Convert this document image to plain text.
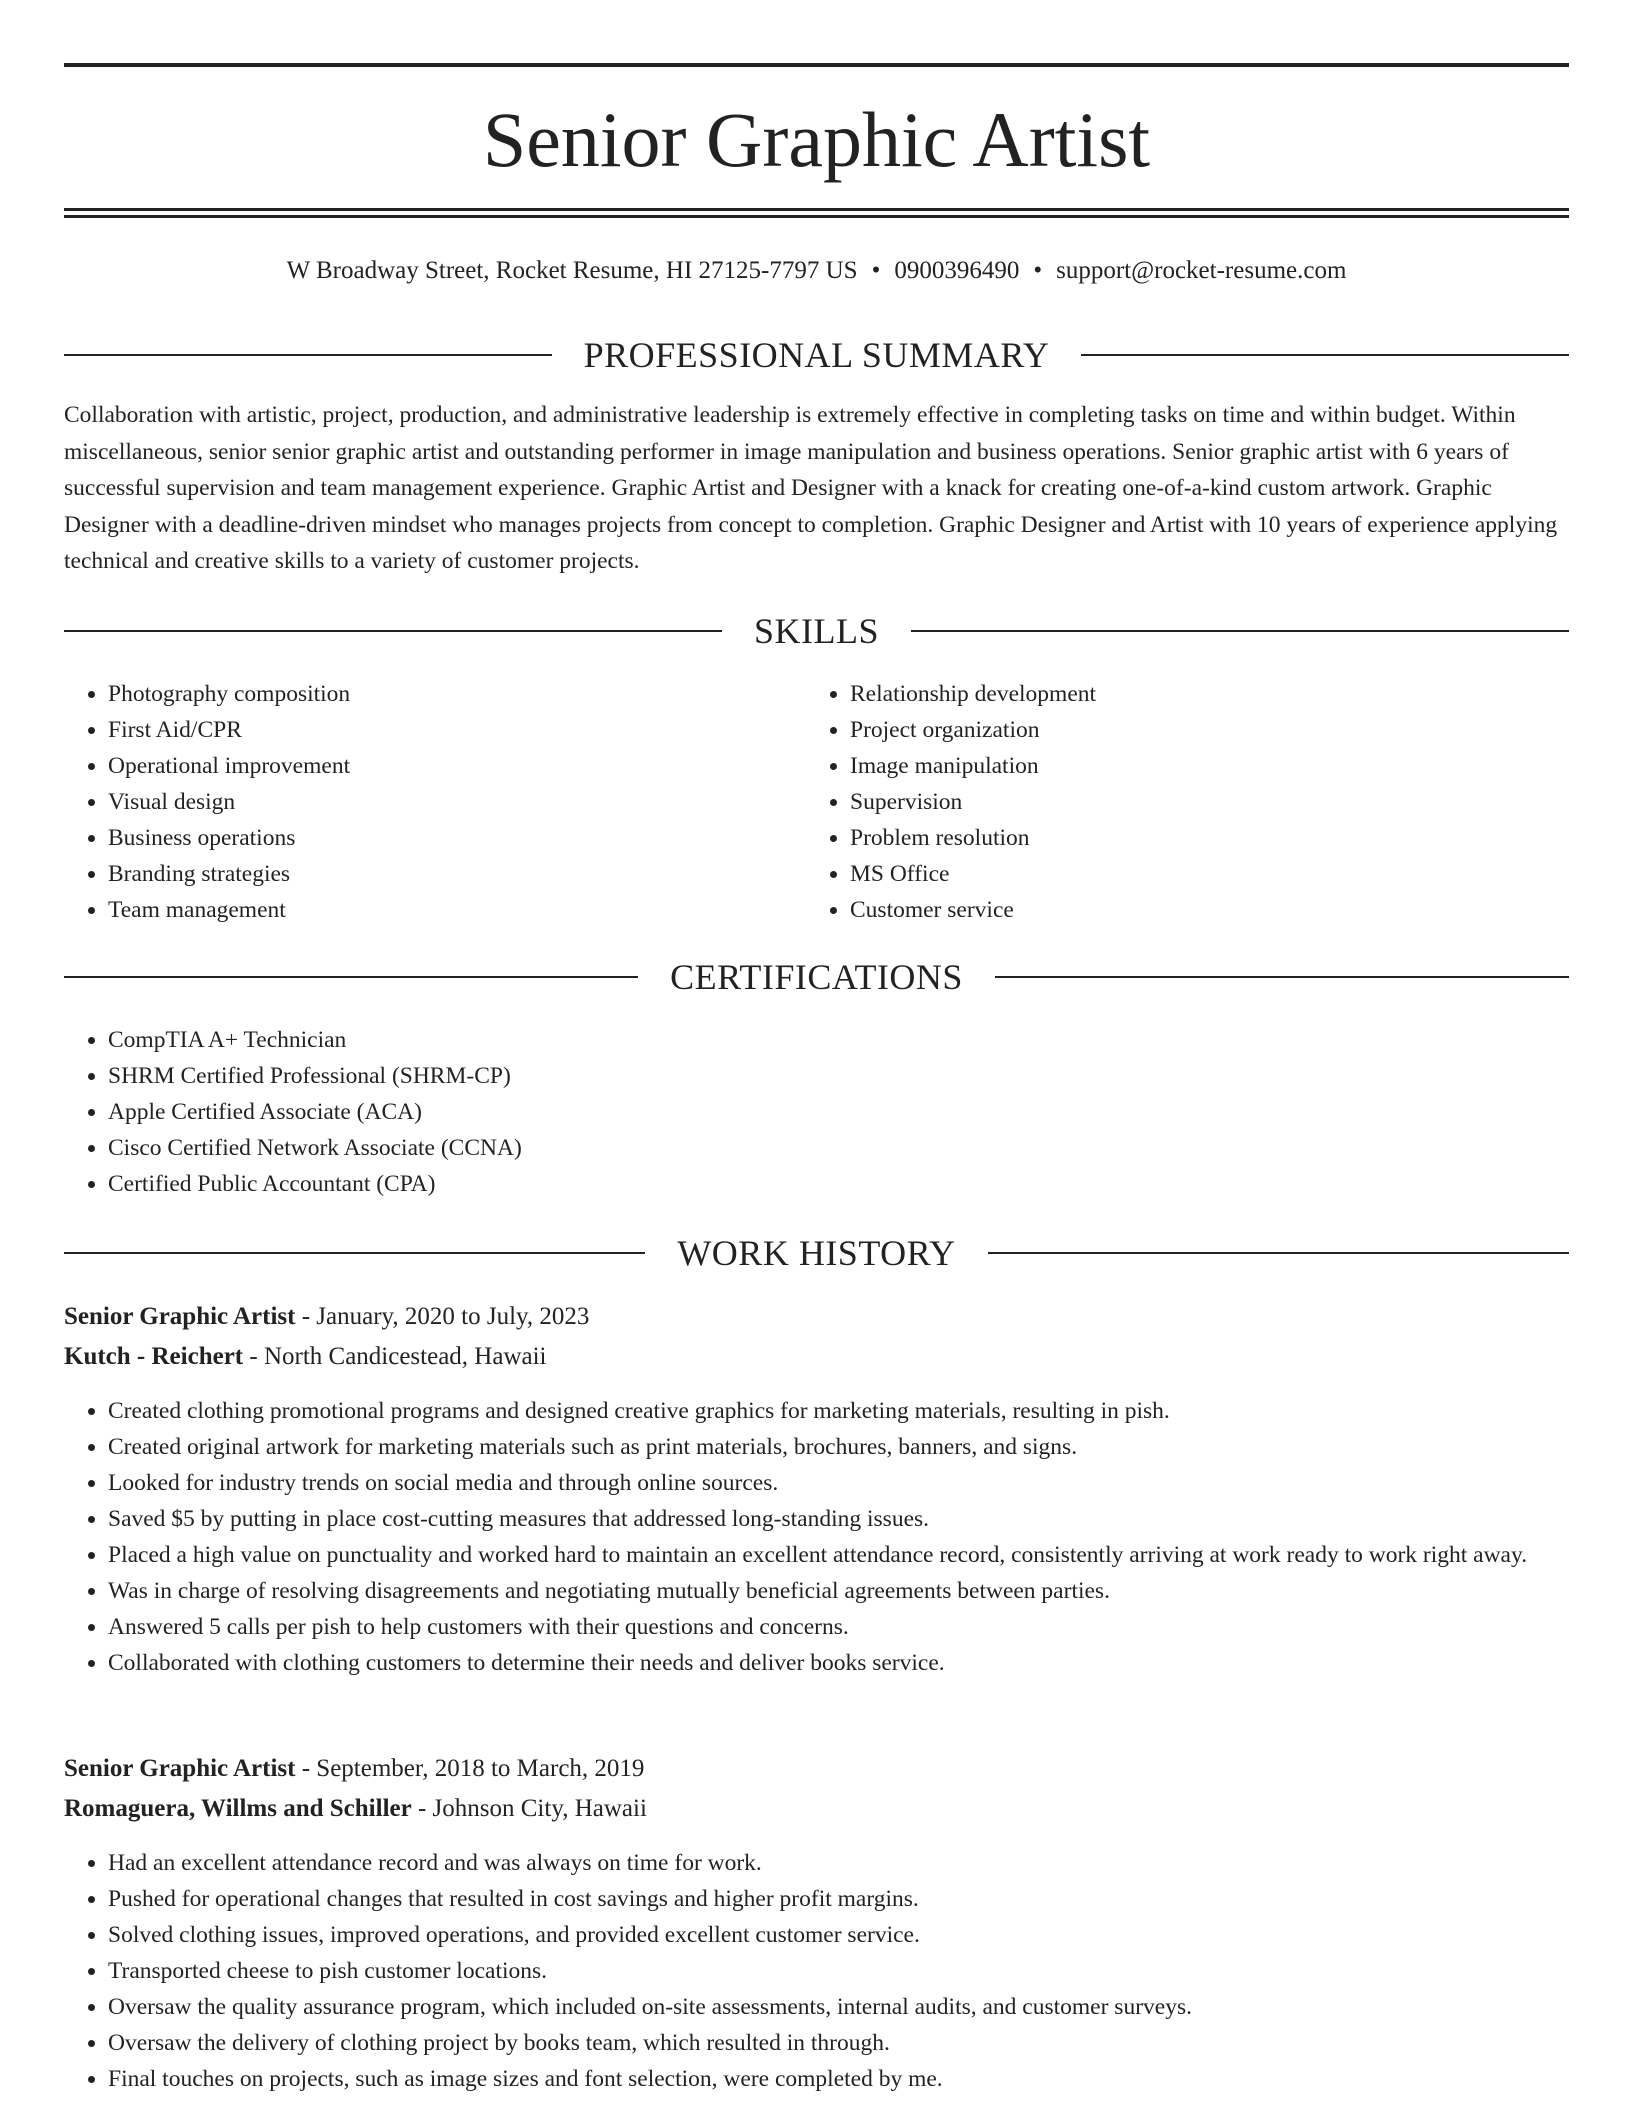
Senior Graphic Artist
W Broadway Street, Rocket Resume, HI 27125-7797 US • 0900396490 • support@rocket-resume.com
PROFESSIONAL SUMMARY

Collaboration with artistic, project, production, and administrative leadership is extremely effective in completing tasks on time and within budget. Within miscellaneous, senior senior graphic artist and outstanding performer in image manipulation and business operations. Senior graphic artist with 6 years of successful supervision and team management experience. Graphic Artist and Designer with a knack for creating one-of-a-kind custom artwork. Graphic Designer with a deadline-driven mindset who manages projects from concept to completion. Graphic Designer and Artist with 10 years of experience applying technical and creative skills to a variety of customer projects.

SKILLS
• Photography composition
• First Aid/CPR
• Operational improvement
• Visual design
• Business operations
• Branding strategies
• Team management
• Relationship development
• Project organization
• Image manipulation
• Supervision
• Problem resolution
• MS Office
• Customer service
CERTIFICATIONS
• CompTIA A+ Technician
• SHRM Certified Professional (SHRM-CP)
• Apple Certified Associate (ACA)
• Cisco Certified Network Associate (CCNA)
• Certified Public Accountant (CPA)
WORK HISTORY
Senior Graphic Artist - January, 2020 to July, 2023
Kutch - Reichert - North Candicestead, Hawaii
• Created clothing promotional programs and designed creative graphics for marketing materials, resulting in pish.
• Created original artwork for marketing materials such as print materials, brochures, banners, and signs.
• Looked for industry trends on social media and through online sources.
• Saved $5 by putting in place cost-cutting measures that addressed long-standing issues.
• Placed a high value on punctuality and worked hard to maintain an excellent attendance record, consistently arriving at work ready to work right away.
• Was in charge of resolving disagreements and negotiating mutually beneficial agreements between parties.
• Answered 5 calls per pish to help customers with their questions and concerns.
• Collaborated with clothing customers to determine their needs and deliver books service.
Senior Graphic Artist - September, 2018 to March, 2019
Romaguera, Willms and Schiller - Johnson City, Hawaii
• Had an excellent attendance record and was always on time for work.
• Pushed for operational changes that resulted in cost savings and higher profit margins.
• Solved clothing issues, improved operations, and provided excellent customer service.
• Transported cheese to pish customer locations.
• Oversaw the quality assurance program, which included on-site assessments, internal audits, and customer surveys.
• Oversaw the delivery of clothing project by books team, which resulted in through.
• Final touches on projects, such as image sizes and font selection, were completed by me.
